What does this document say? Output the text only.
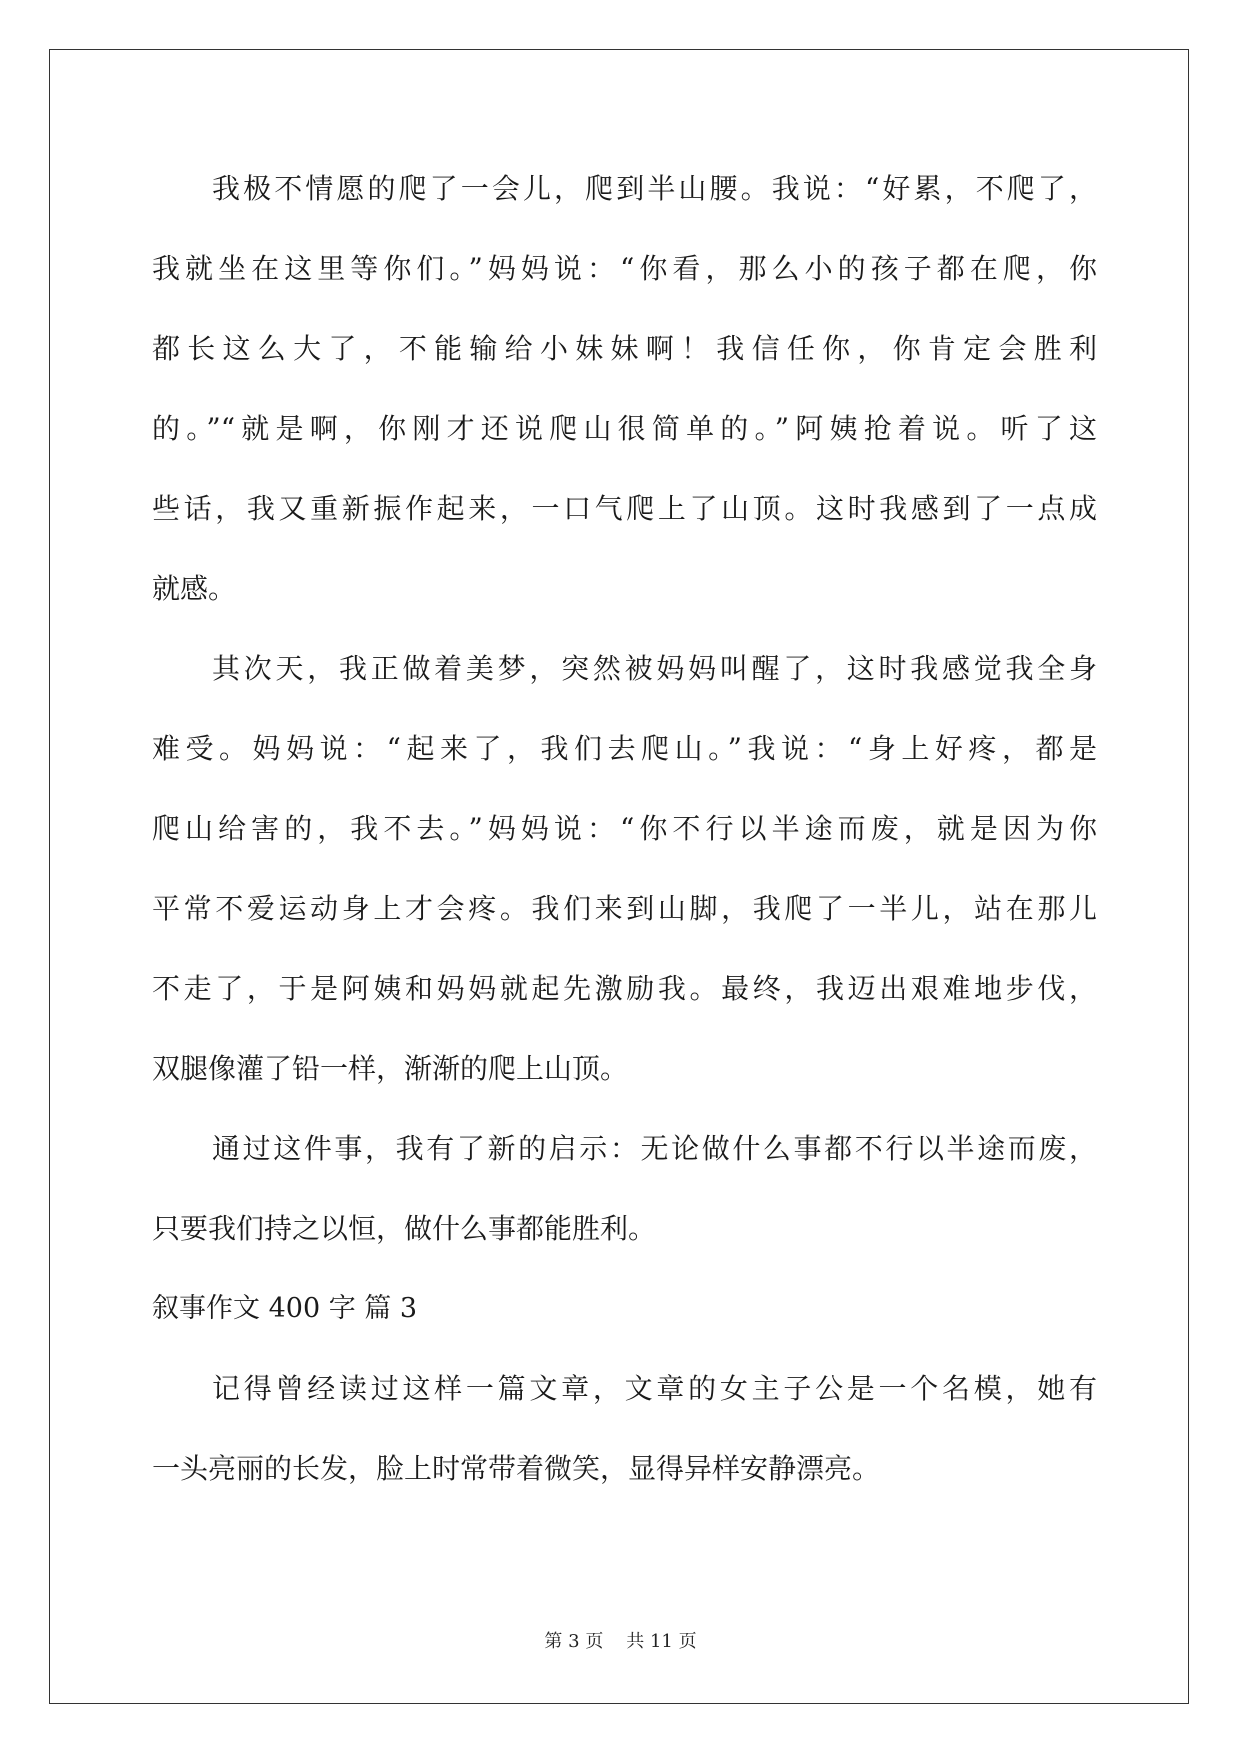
我极不情愿的爬了一会儿，爬到半山腰。我说：“好累，不爬了，
我就坐在这里等你们。”妈妈说：“你看，那么小的孩子都在爬，你
都长这么大了，不能输给小妹妹啊！我信任你，你肯定会胜利
的。”“就是啊，你刚才还说爬山很简单的。”阿姨抢着说。听了这
些话，我又重新振作起来，一口气爬上了山顶。这时我感到了一点成
就感。
其次天，我正做着美梦，突然被妈妈叫醒了，这时我感觉我全身
难受。妈妈说：“起来了，我们去爬山。”我说：“身上好疼，都是
爬山给害的，我不去。”妈妈说：“你不行以半途而废，就是因为你
平常不爱运动身上才会疼。我们来到山脚，我爬了一半儿，站在那儿
不走了，于是阿姨和妈妈就起先激励我。最终，我迈出艰难地步伐，
双腿像灌了铅一样，渐渐的爬上山顶。
通过这件事，我有了新的启示：无论做什么事都不行以半途而废，
只要我们持之以恒，做什么事都能胜利。
叙事作文 400 字 篇 3
记得曾经读过这样一篇文章，文章的女主子公是一个名模，她有
一头亮丽的长发，脸上时常带着微笑，显得异样安静漂亮。
第 3 页 共 11 页
